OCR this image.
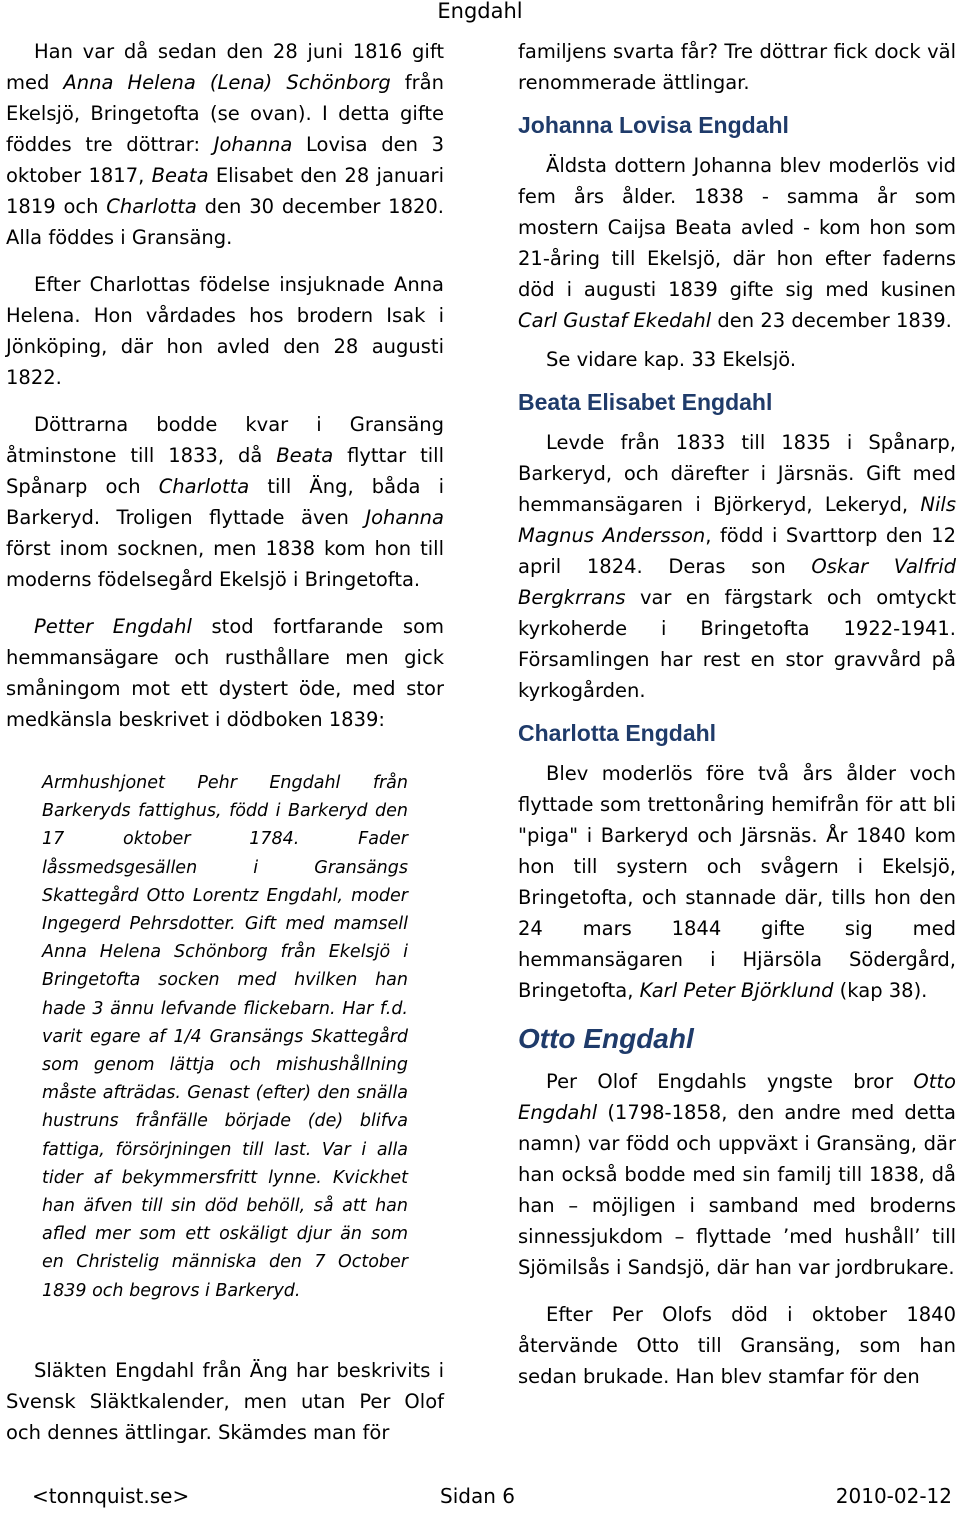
Engdahl

Han var då sedan den 28 juni 1816 gift med Anna Helena (Lena) Schönborg från Ekelsjö, Bringetofta (se ovan). I detta gifte föddes tre döttrar: Johanna Lovisa den 3 oktober 1817, Beata Elisabet den 28 januari 1819 och Charlotta den 30 december 1820. Alla föddes i Gransäng.

Efter Charlottas födelse insjuknade Anna Helena. Hon vårdades hos brodern Isak i Jönköping, där hon avled den 28 augusti 1822.

Döttrarna bodde kvar i Gransäng åtminstone till 1833, då Beata flyttar till Spånarp och Charlotta till Äng, båda i Barkeryd. Troligen flyttade även Johanna först inom socknen, men 1838 kom hon till moderns födelsegård Ekelsjö i Bringetofta.

Petter Engdahl stod fortfarande som hemmansägare och rusthållare men gick småningom mot ett dystert öde, med stor medkänsla beskrivet i dödboken 1839:

Armhushjonet Pehr Engdahl från Barkeryds fattighus, född i Barkeryd den 17 oktober 1784. Fader låssmedsgesällen i Gransängs Skattegård Otto Lorentz Engdahl, moder Ingegerd Pehrsdotter. Gift med mamsell Anna Helena Schönborg från Ekelsjö i Bringetofta socken med hvilken han hade 3 ännu lefvande flickebarn. Har f.d. varit egare af 1/4 Gransängs Skattegård som genom lättja och mishushållning måste afträdas. Genast (efter) den snälla hustruns frånfälle började (de) blifva fattiga, försörjningen till last. Var i alla tider af bekymmersfritt lynne. Kvickhet han äfven till sin död behöll, så att han afled mer som ett oskäligt djur än som en Christelig människa den 7 October 1839 och begrovs i Barkeryd.

Släkten Engdahl från Äng har beskrivits i Svensk Släktkalender, men utan Per Olof och dennes ättlingar. Skämdes man för

familjens svarta får? Tre döttrar fick dock väl renommerade ättlingar.

Johanna Lovisa Engdahl

Äldsta dottern Johanna blev moderlös vid fem års ålder. 1838 - samma år som mostern Caijsa Beata avled - kom hon som 21-åring till Ekelsjö, där hon efter faderns död i augusti 1839 gifte sig med kusinen Carl Gustaf Ekedahl den 23 december 1839.

Se vidare kap. 33 Ekelsjö.

Beata Elisabet Engdahl

Levde från 1833 till 1835 i Spånarp, Barkeryd, och därefter i Järsnäs. Gift med hemmansägaren i Björkeryd, Lekeryd, Nils Magnus Andersson, född i Svarttorp den 12 april 1824. Deras son Oskar Valfrid Bergkrrans var en färgstark och omtyckt kyrkoherde i Bringetofta 1922-1941. Församlingen har rest en stor gravvård på kyrkogården.

Charlotta Engdahl

Blev moderlös före två års ålder voch flyttade som trettonåring hemifrån för att bli "piga" i Barkeryd och Järsnäs. År 1840 kom hon till systern och svågern i Ekelsjö, Bringetofta, och stannade där, tills hon den 24 mars 1844 gifte sig med hemmansägaren i Hjärsöla Södergård, Bringetofta, Karl Peter Björklund (kap 38).

Otto Engdahl

Per Olof Engdahls yngste bror Otto Engdahl (1798-1858, den andre med detta namn) var född och uppväxt i Gransäng, där han också bodde med sin familj till 1838, då han – möjligen i samband med broderns sinnessjukdom – flyttade ’med hushåll’ till Sjömilsås i Sandsjö, där han var jordbrukare.

Efter Per Olofs död i oktober 1840 återvände Otto till Gransäng, som han sedan brukade. Han blev stamfar för den

<tonnquist.se>	Sidan 6	2010-02-12
